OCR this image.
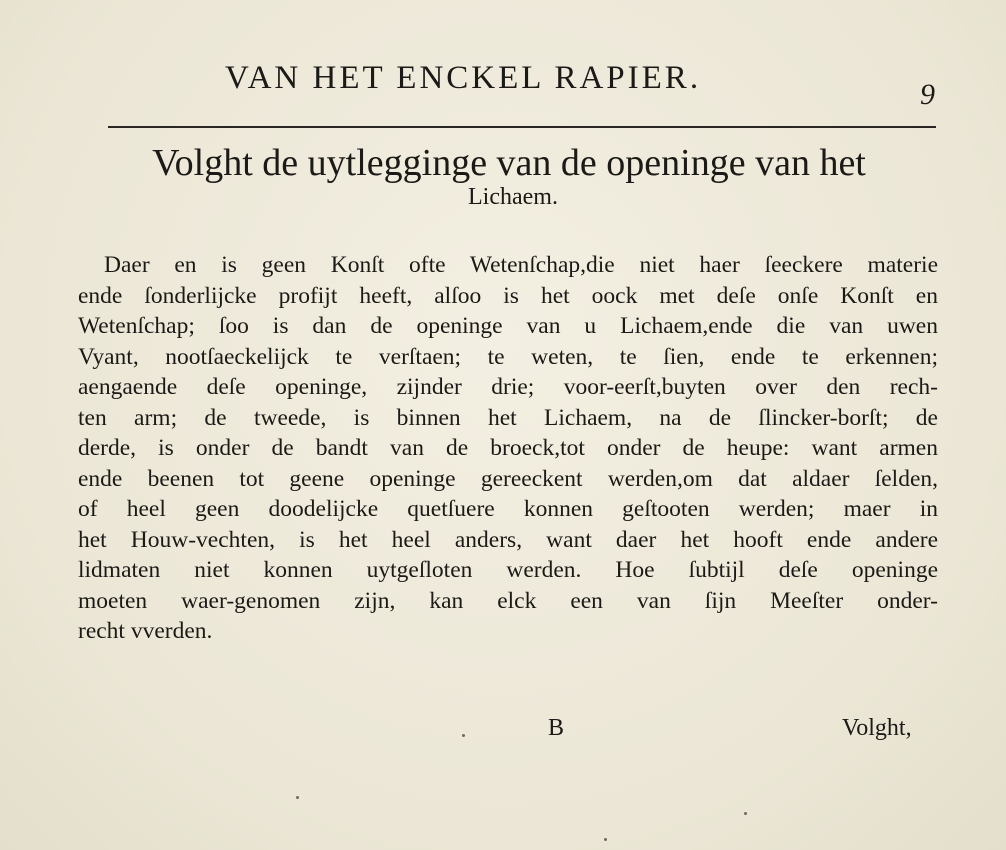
VAN HET ENCKEL RAPIER.	9
Volght de uytlegginge van de openinge van het
Lichaem.
Daer en is geen Konſt ofte Wetenſchap,die niet haer ſeeckere materie
ende ſonderlijcke profijt heeft, alſoo is het oock met deſe onſe Konſt en
Wetenſchap; ſoo is dan de openinge van u Lichaem,ende die van uwen
Vyant, nootſaeckelijck te verſtaen; te weten, te ſien, ende te erkennen;
aengaende deſe openinge, zijnder drie; voor-eerſt,buyten over den rech-
ten arm; de tweede, is binnen het Lichaem, na de ſlincker-borſt; de
derde, is onder de bandt van de broeck,tot onder de heupe: want armen
ende beenen tot geene openinge gereeckent werden,om dat aldaer ſelden,
of heel geen doodelijcke quetſuere konnen geſtooten werden; maer in
het Houw-vechten, is het heel anders, want daer het hooft ende andere
lidmaten niet konnen uytgeſloten werden. Hoe ſubtijl deſe openinge
moeten waer-genomen zijn, kan elck een van ſijn Meeſter onder-
recht vverden.
B	Volght,
